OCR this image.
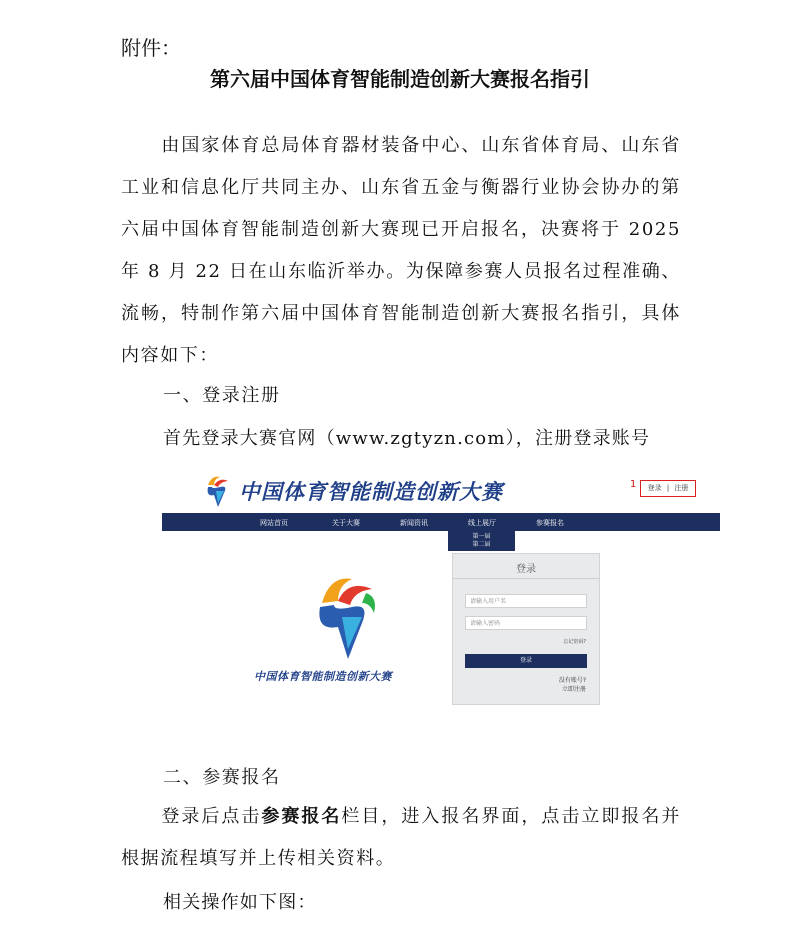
附件：
第六届中国体育智能制造创新大赛报名指引
由国家体育总局体育器材装备中心、山东省体育局、山东省工业和信息化厅共同主办、山东省五金与衡器行业协会协办的第六届中国体育智能制造创新大赛现已开启报名，决赛将于 2025年 8 月 22 日在山东临沂举办。为保障参赛人员报名过程准确、流畅，特制作第六届中国体育智能制造创新大赛报名指引，具体内容如下：
一、登录注册
首先登录大赛官网（www.zgtyzn.com），注册登录账号
中国体育智能制造创新大赛	1	登录 | 注册
网站首页	关于大赛	新闻资讯	线上展厅	参赛报名
第一届
第二届
中国体育智能制造创新大赛
登录
请输入用户名
请输入密码
忘记密码?
登录
没有账号?
立即注册
二、参赛报名
登录后点击参赛报名栏目，进入报名界面，点击立即报名并根据流程填写并上传相关资料。
相关操作如下图：
